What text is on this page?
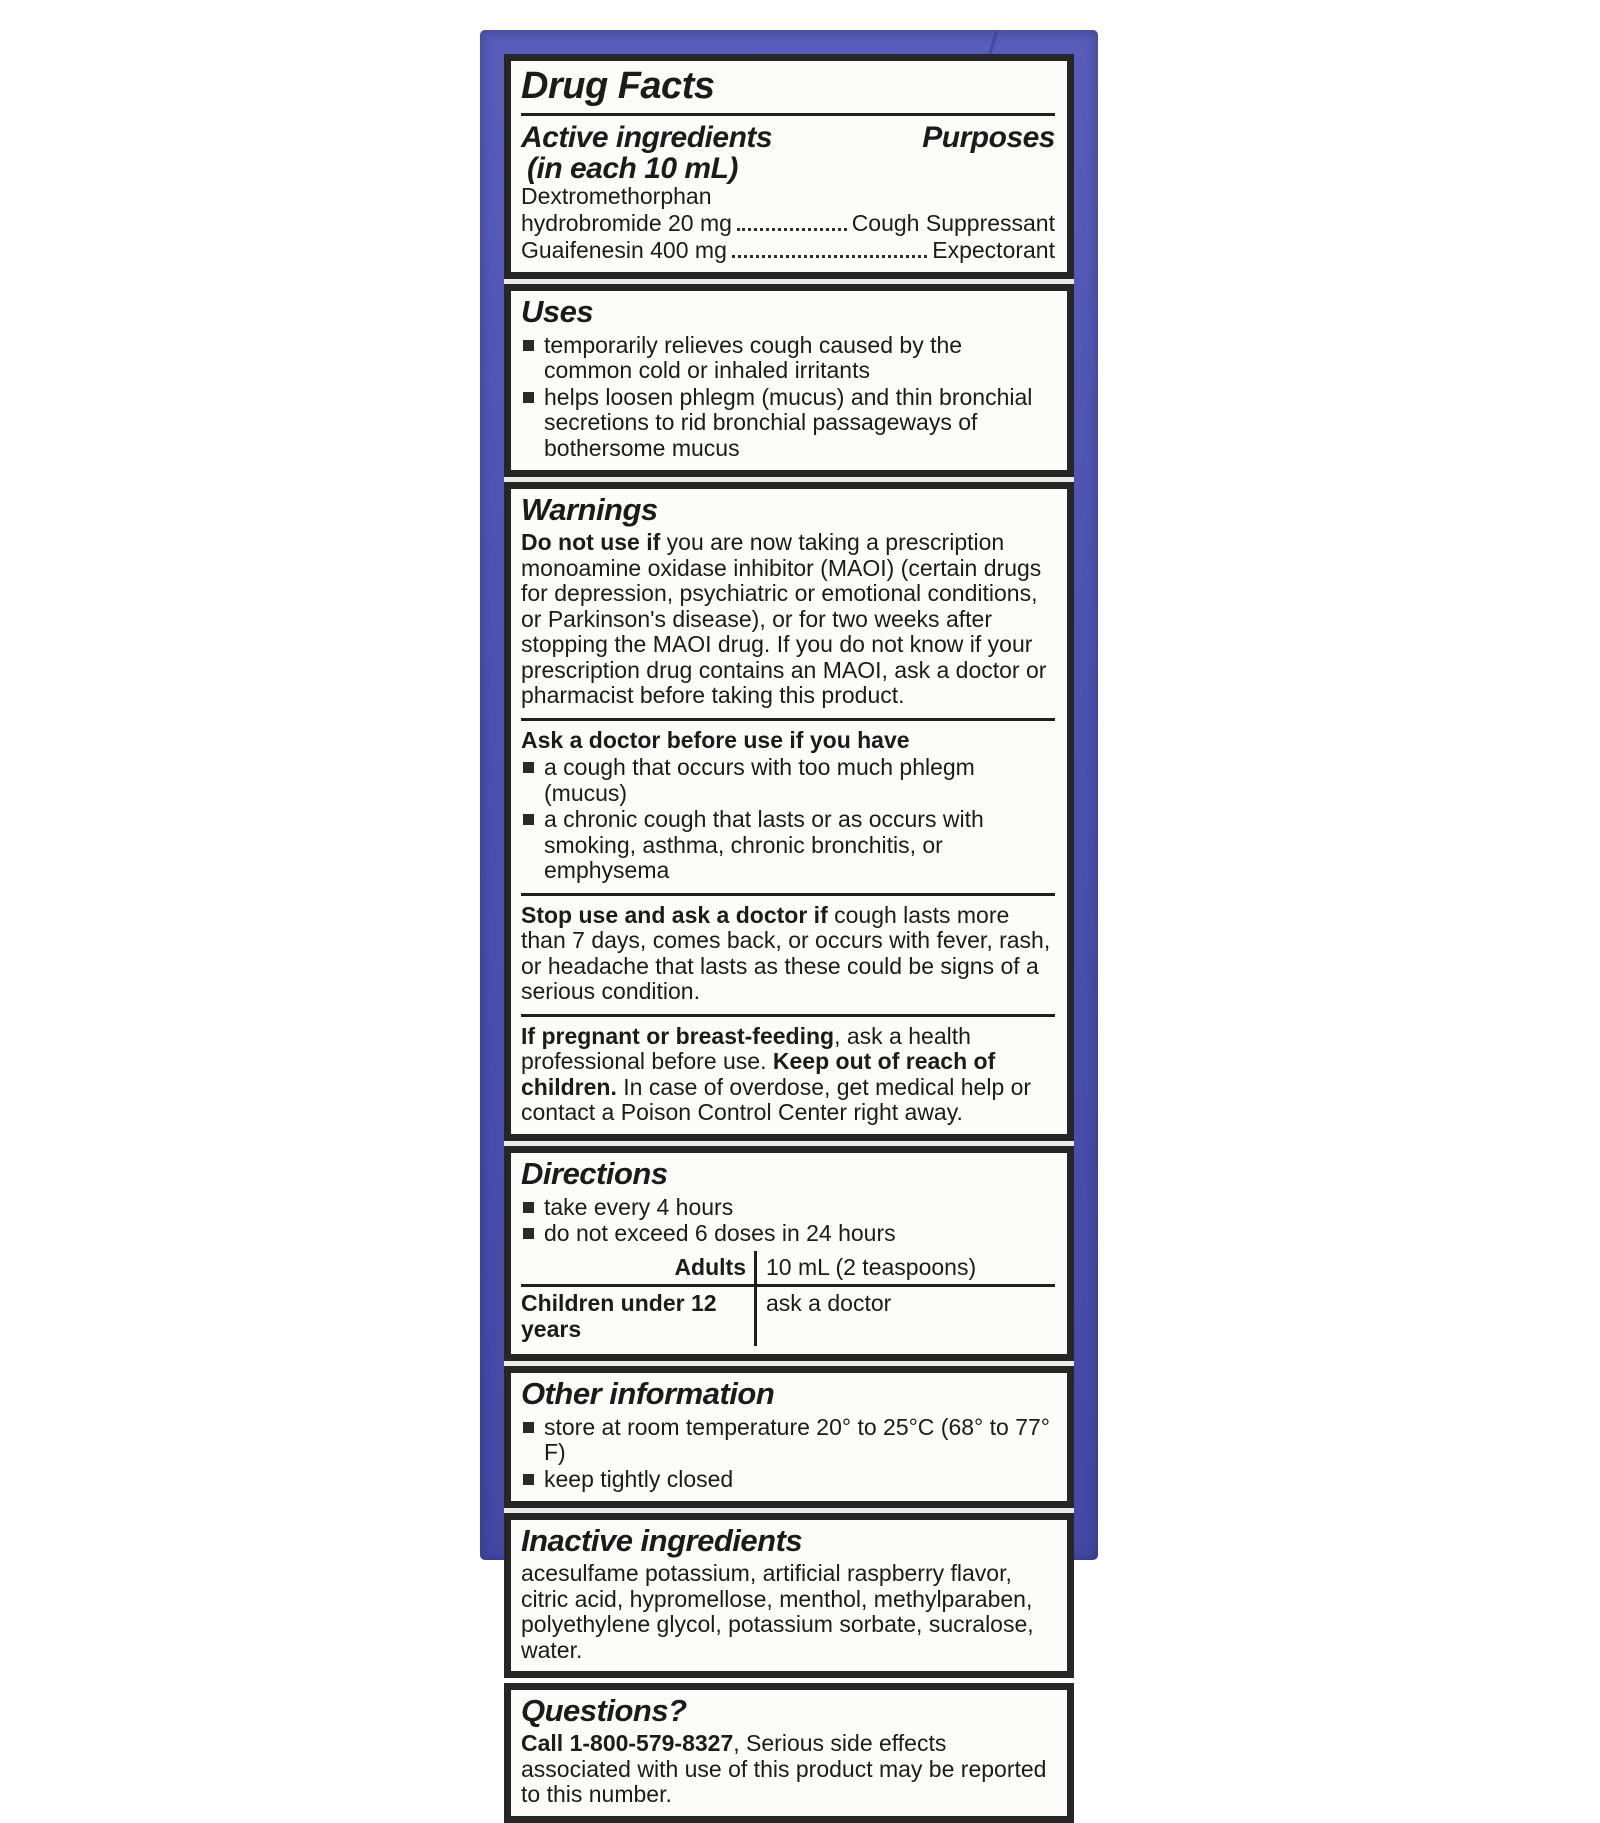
Drug Facts
Active ingredients
(in each 10 mL)
Purposes
Dextromethorphan
hydrobromide 20 mg	Cough Suppressant
Guaifenesin 400 mg	Expectorant
Uses
temporarily relieves cough caused by the common cold or inhaled irritants
helps loosen phlegm (mucus) and thin bronchial secretions to rid bronchial passageways of bothersome mucus
Warnings

Do not use if you are now taking a prescription monoamine oxidase inhibitor (MAOI) (certain drugs for depression, psychiatric or emotional conditions, or Parkinson's disease), or for two weeks after stopping the MAOI drug. If you do not know if your prescription drug contains an MAOI, ask a doctor or pharmacist before taking this product.

Ask a doctor before use if you have
a cough that occurs with too much phlegm (mucus)
a chronic cough that lasts or as occurs with smoking, asthma, chronic bronchitis, or emphysema

Stop use and ask a doctor if cough lasts more than 7 days, comes back, or occurs with fever, rash, or headache that lasts as these could be signs of a serious condition.

If pregnant or breast-feeding, ask a health professional before use. Keep out of reach of children. In case of overdose, get medical help or contact a Poison Control Center right away.

Directions
take every 4 hours
do not exceed 6 doses in 24 hours
Adults	10 mL (2 teaspoons)
Children under 12 years	ask a doctor
Other information
store at room temperature 20° to 25°C (68° to 77° F)
keep tightly closed
Inactive ingredients

acesulfame potassium, artificial raspberry flavor, citric acid, hypromellose, menthol, methylparaben, polyethylene glycol, potassium sorbate, sucralose, water.

Questions?

Call 1-800-579-8327, Serious side effects associated with use of this product may be reported to this number.
